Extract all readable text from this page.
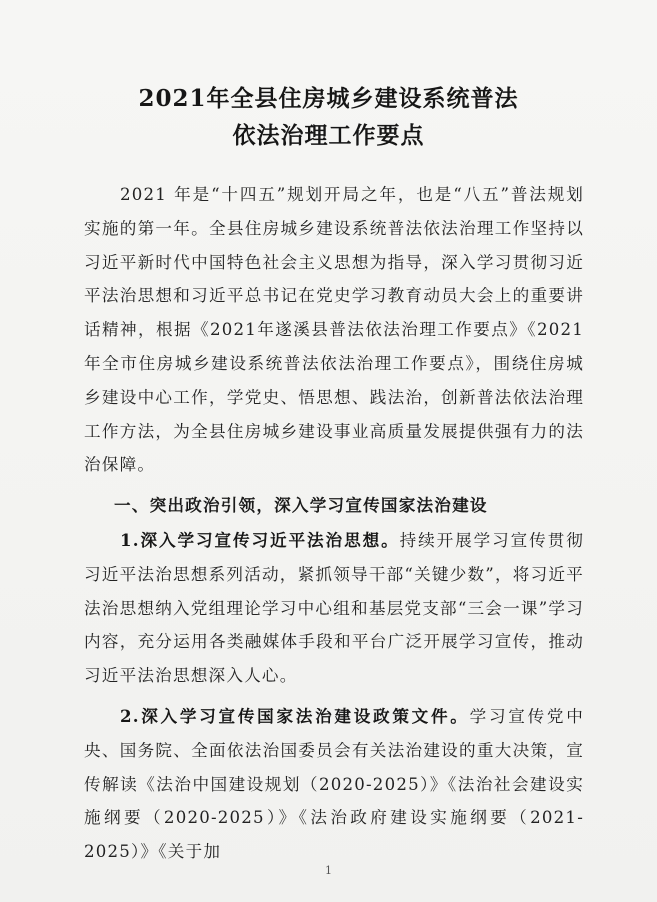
2021年全县住房城乡建设系统普法
依法治理工作要点
2021 年是“十四五”规划开局之年，也是“八五”普法规划实施的第一年。全县住房城乡建设系统普法依法治理工作坚持以习近平新时代中国特色社会主义思想为指导，深入学习贯彻习近平法治思想和习近平总书记在党史学习教育动员大会上的重要讲话精神，根据《2021年遂溪县普法依法治理工作要点》《2021年全市住房城乡建设系统普法依法治理工作要点》，围绕住房城乡建设中心工作，学党史、悟思想、践法治，创新普法依法治理工作方法，为全县住房城乡建设事业高质量发展提供强有力的法治保障。
一、突出政治引领，深入学习宣传国家法治建设
1.深入学习宣传习近平法治思想。持续开展学习宣传贯彻习近平法治思想系列活动，紧抓领导干部“关键少数”，将习近平法治思想纳入党组理论学习中心组和基层党支部“三会一课”学习内容，充分运用各类融媒体手段和平台广泛开展学习宣传，推动习近平法治思想深入人心。
2.深入学习宣传国家法治建设政策文件。学习宣传党中央、国务院、全面依法治国委员会有关法治建设的重大决策，宣传解读《法治中国建设规划（2020-2025）》《法治社会建设实施纲要（2020-2025）》《法治政府建设实施纲要（2021-2025）》《关于加
1
